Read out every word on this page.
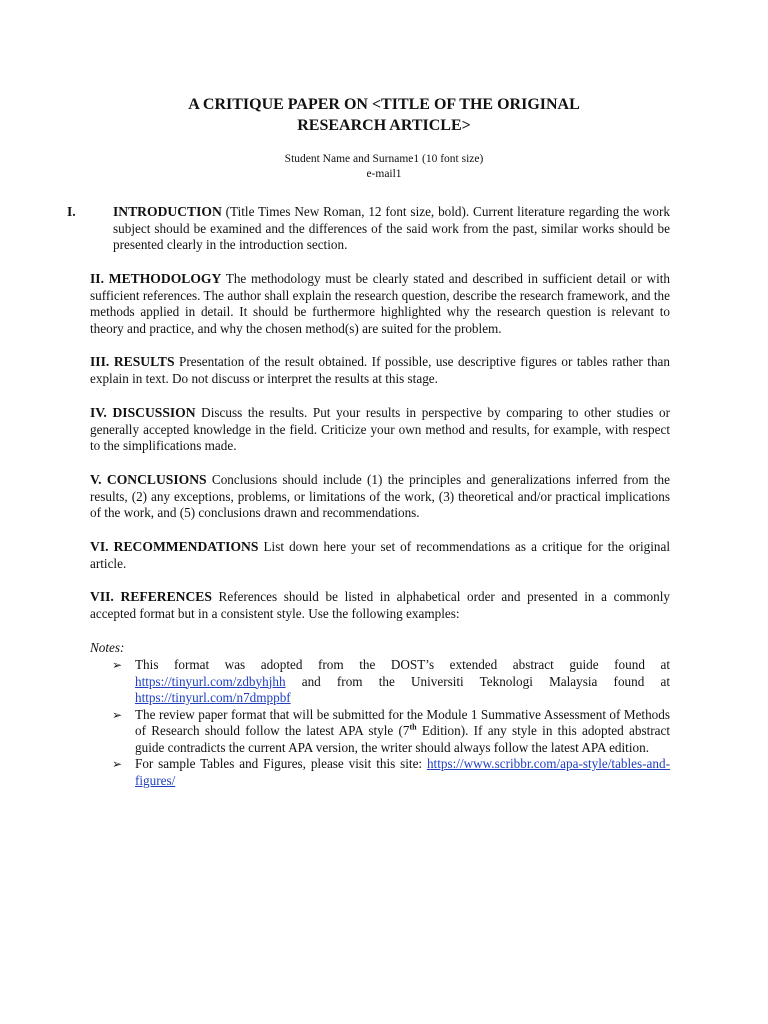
A CRITIQUE PAPER ON <TITLE OF THE ORIGINAL
RESEARCH ARTICLE>
Student Name and Surname1 (10 font size)
e-mail1
I.	INTRODUCTION (Title Times New Roman, 12 font size, bold). Current literature regarding the work subject should be examined and the differences of the said work from the past, similar works should be presented clearly in the introduction section.
II. METHODOLOGY The methodology must be clearly stated and described in sufficient detail or with sufficient references. The author shall explain the research question, describe the research framework, and the methods applied in detail. It should be furthermore highlighted why the research question is relevant to theory and practice, and why the chosen method(s) are suited for the problem.
III. RESULTS Presentation of the result obtained. If possible, use descriptive figures or tables rather than explain in text. Do not discuss or interpret the results at this stage.
IV. DISCUSSION Discuss the results. Put your results in perspective by comparing to other studies or generally accepted knowledge in the field. Criticize your own method and results, for example, with respect to the simplifications made.
V. CONCLUSIONS Conclusions should include (1) the principles and generalizations inferred from the results, (2) any exceptions, problems, or limitations of the work, (3) theoretical and/or practical implications of the work, and (5) conclusions drawn and recommendations.
VI. RECOMMENDATIONS List down here your set of recommendations as a critique for the original article.
VII. REFERENCES References should be listed in alphabetical order and presented in a commonly accepted format but in a consistent style. Use the following examples:
Notes:
➢ This format was adopted from the DOST’s extended abstract guide found at https://tinyurl.com/zdbyhjhh and from the Universiti Teknologi Malaysia found at https://tinyurl.com/n7dmppbf
➢ The review paper format that will be submitted for the Module 1 Summative Assessment of Methods of Research should follow the latest APA style (7th Edition). If any style in this adopted abstract guide contradicts the current APA version, the writer should always follow the latest APA edition.
➢ For sample Tables and Figures, please visit this site: https://www.scribbr.com/apa-style/tables-and-figures/
